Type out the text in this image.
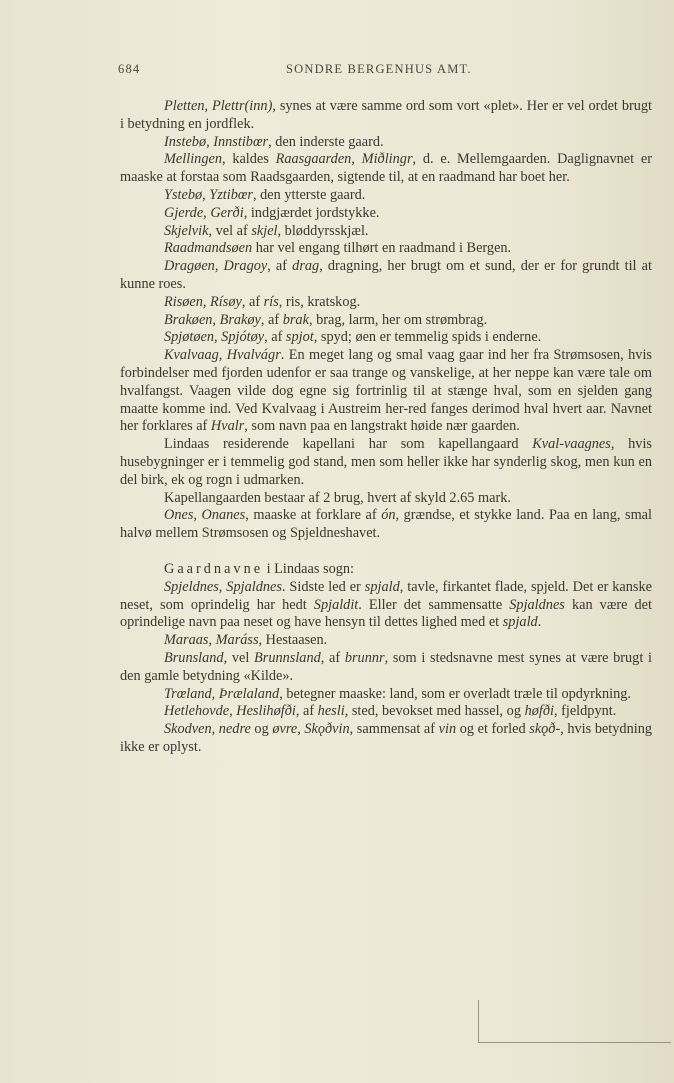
684	SONDRE BERGENHUS AMT.

Pletten, Plettr(inn), synes at være samme ord som vort «plet». Her er vel ordet brugt i betydning en jordflek.

Instebø, Innstibœr, den inderste gaard.

Mellingen, kaldes Raasgaarden, Miðlingr, d. e. Mellemgaarden. Daglignavnet er maaske at forstaa som Raadsgaarden, sigtende til, at en raadmand har boet her.

Ystebø, Yztibœr, den ytterste gaard.

Gjerde, Gerði, indgjærdet jordstykke.

Skjelvik, vel af skjel, bløddyrsskjæl.

Raadmandsøen har vel engang tilhørt en raadmand i Bergen.

Dragøen, Dragoy, af drag, dragning, her brugt om et sund, der er for grundt til at kunne roes.

Risøen, Rísøy, af rís, ris, kratskog.

Brakøen, Brakøy, af brak, brag, larm, her om strømbrag.

Spjøtøen, Spjótøy, af spjot, spyd; øen er temmelig spids i enderne.

Kvalvaag, Hvalvágr. En meget lang og smal vaag gaar ind her fra Strømsosen, hvis forbindelser med fjorden udenfor er saa trange og vanskelige, at her neppe kan være tale om hvalfangst. Vaagen vilde dog egne sig fortrinlig til at stænge hval, som en sjelden gang maatte komme ind. Ved Kvalvaag i Austreim her-red fanges derimod hval hvert aar. Navnet her forklares af Hvalr, som navn paa en langstrakt høide nær gaarden.

Lindaas residerende kapellani har som kapellangaard Kval-vaagnes, hvis husebygninger er i temmelig god stand, men som heller ikke har synderlig skog, men kun en del birk, ek og rogn i udmarken.

Kapellangaarden bestaar af 2 brug, hvert af skyld 2.65 mark.

Ones, Onanes, maaske at forklare af ón, grændse, et stykke land. Paa en lang, smal halvø mellem Strømsosen og Spjeldneshavet.

Gaardnavne i Lindaas sogn:

Spjeldnes, Spjaldnes. Sidste led er spjald, tavle, firkantet flade, spjeld. Det er kanske neset, som oprindelig har hedt Spjaldit. Eller det sammensatte Spjaldnes kan være det oprindelige navn paa neset og have hensyn til dettes lighed med et spjald.

Maraas, Maráss, Hestaasen.

Brunsland, vel Brunnsland, af brunnr, som i stedsnavne mest synes at være brugt i den gamle betydning «Kilde».

Trœland, Þrælaland, betegner maaske: land, som er overladt træle til opdyrkning.

Hetlehovde, Heslihøfði, af hesli, sted, bevokset med hassel, og høfði, fjeldpynt.

Skodven, nedre og øvre, Skǫðvin, sammensat af vin og et forled skǫð-, hvis betydning ikke er oplyst.
